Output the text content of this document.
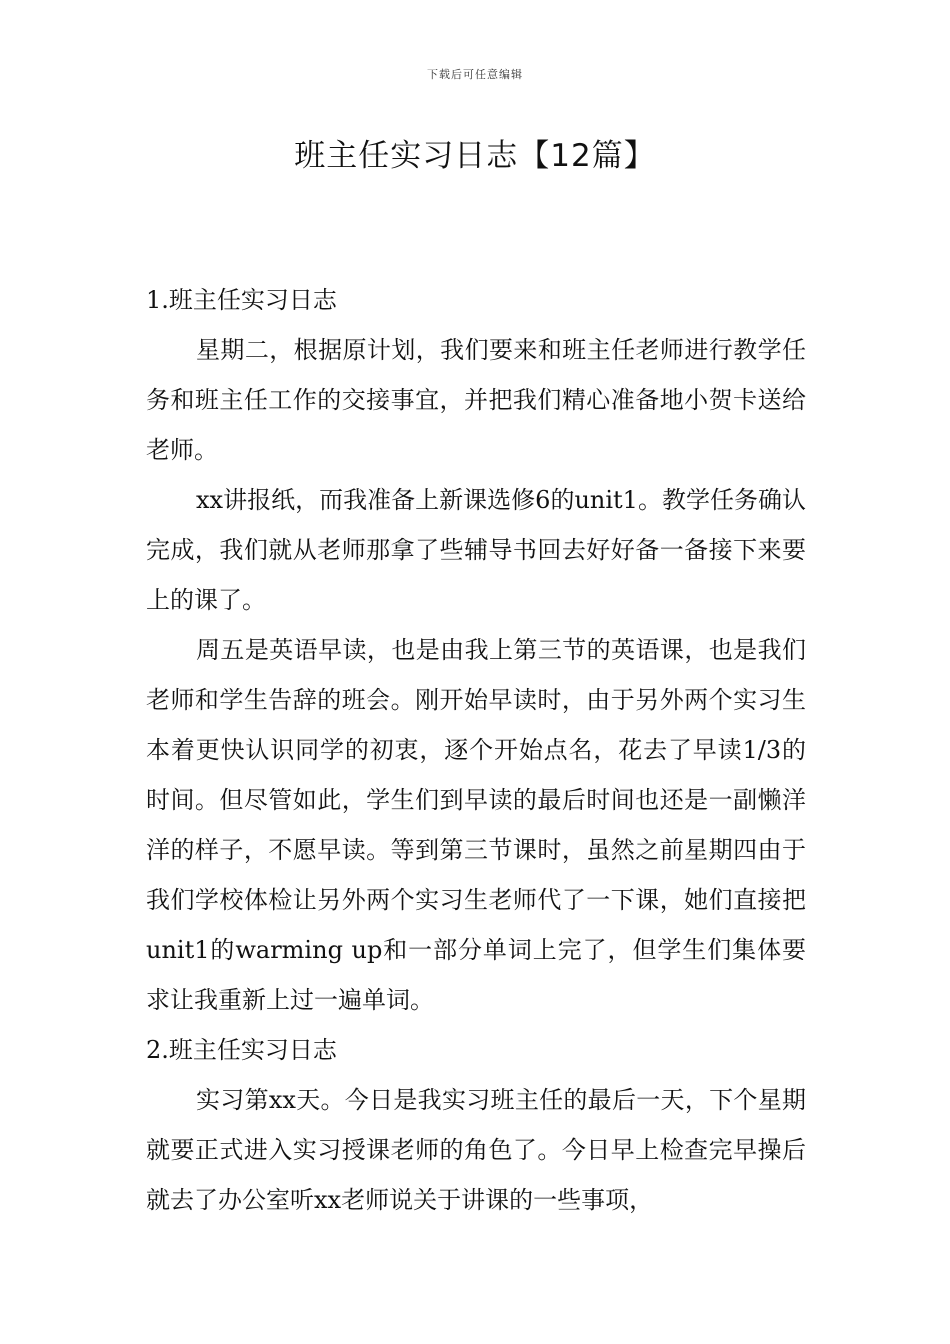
下载后可任意编辑
班主任实习日志【12篇】

1.班主任实习日志

星期二，根据原计划，我们要来和班主任老师进行教学任务和班主任工作的交接事宜，并把我们精心准备地小贺卡送给老师。

xx讲报纸，而我准备上新课选修6的unit1。教学任务确认完成，我们就从老师那拿了些辅导书回去好好备一备接下来要上的课了。

周五是英语早读，也是由我上第三节的英语课，也是我们老师和学生告辞的班会。刚开始早读时，由于另外两个实习生本着更快认识同学的初衷，逐个开始点名，花去了早读1/3的时间。但尽管如此，学生们到早读的最后时间也还是一副懒洋洋的样子，不愿早读。等到第三节课时，虽然之前星期四由于我们学校体检让另外两个实习生老师代了一下课，她们直接把unit1的warming up和一部分单词上完了，但学生们集体要求让我重新上过一遍单词。

2.班主任实习日志

实习第xx天。今日是我实习班主任的最后一天，下个星期就要正式进入实习授课老师的角色了。今日早上检查完早操后就去了办公室听xx老师说关于讲课的一些事项，
